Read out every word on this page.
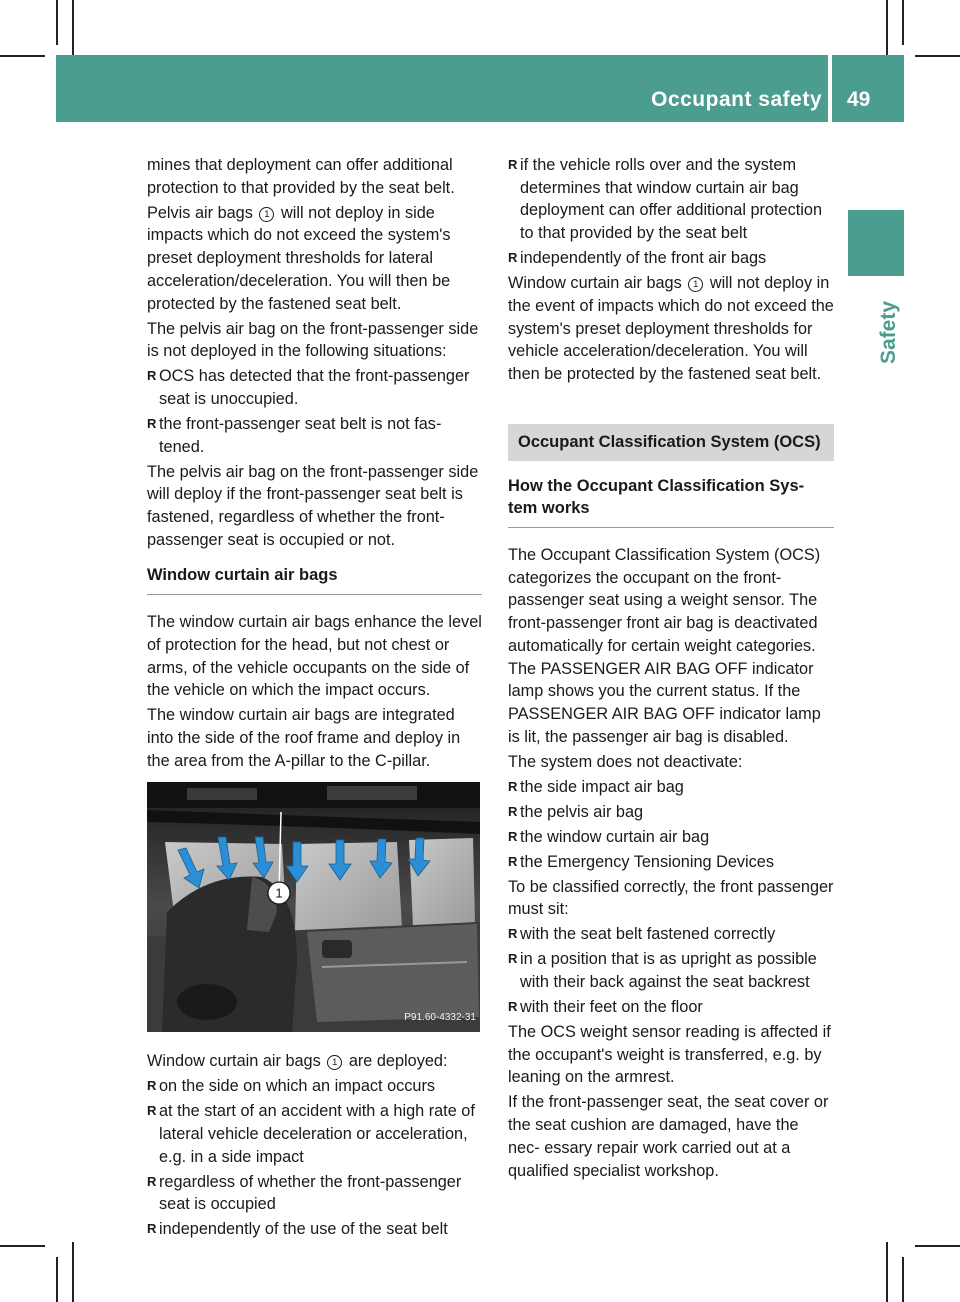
Occupant safety 49
Safety

mines that deployment can offer additional protection to that provided by the seat belt.

Pelvis air bags 1 will not deploy in side impacts which do not exceed the system's preset deployment thresholds for lateral acceleration/deceleration. You will then be protected by the fastened seat belt.

The pelvis air bag on the front-passenger side is not deployed in the following situations:

R OCS has detected that the front-passenger seat is unoccupied.
R the front-passenger seat belt is not fas- tened.

The pelvis air bag on the front-passenger side will deploy if the front-passenger seat belt is fastened, regardless of whether the front- passenger seat is occupied or not.

Window curtain air bags

The window curtain air bags enhance the level of protection for the head, but not chest or arms, of the vehicle occupants on the side of the vehicle on which the impact occurs.

The window curtain air bags are integrated into the side of the roof frame and deploy in the area from the A-pillar to the C-pillar.

1
P91.60-4332-31

Window curtain air bags 1 are deployed:

R on the side on which an impact occurs
R at the start of an accident with a high rate of lateral vehicle deceleration or acceleration, e.g. in a side impact
R regardless of whether the front-passenger seat is occupied
R independently of the use of the seat belt
R if the vehicle rolls over and the system determines that window curtain air bag deployment can offer additional protection to that provided by the seat belt
R independently of the front air bags

Window curtain air bags 1 will not deploy in the event of impacts which do not exceed the system's preset deployment thresholds for vehicle acceleration/deceleration. You will then be protected by the fastened seat belt.

Occupant Classification System (OCS)
How the Occupant Classification Sys- tem works

The Occupant Classification System (OCS) categorizes the occupant on the front- passenger seat using a weight sensor. The front-passenger front air bag is deactivated automatically for certain weight categories. The PASSENGER AIR BAG OFF indicator lamp shows you the current status. If the PASSENGER AIR BAG OFF indicator lamp is lit, the passenger air bag is disabled.

The system does not deactivate:

R the side impact air bag
R the pelvis air bag
R the window curtain air bag
R the Emergency Tensioning Devices

To be classified correctly, the front passenger must sit:

R with the seat belt fastened correctly
R in a position that is as upright as possible with their back against the seat backrest
R with their feet on the floor

The OCS weight sensor reading is affected if the occupant's weight is transferred, e.g. by leaning on the armrest.

If the front-passenger seat, the seat cover or the seat cushion are damaged, have the nec- essary repair work carried out at a qualified specialist workshop.
